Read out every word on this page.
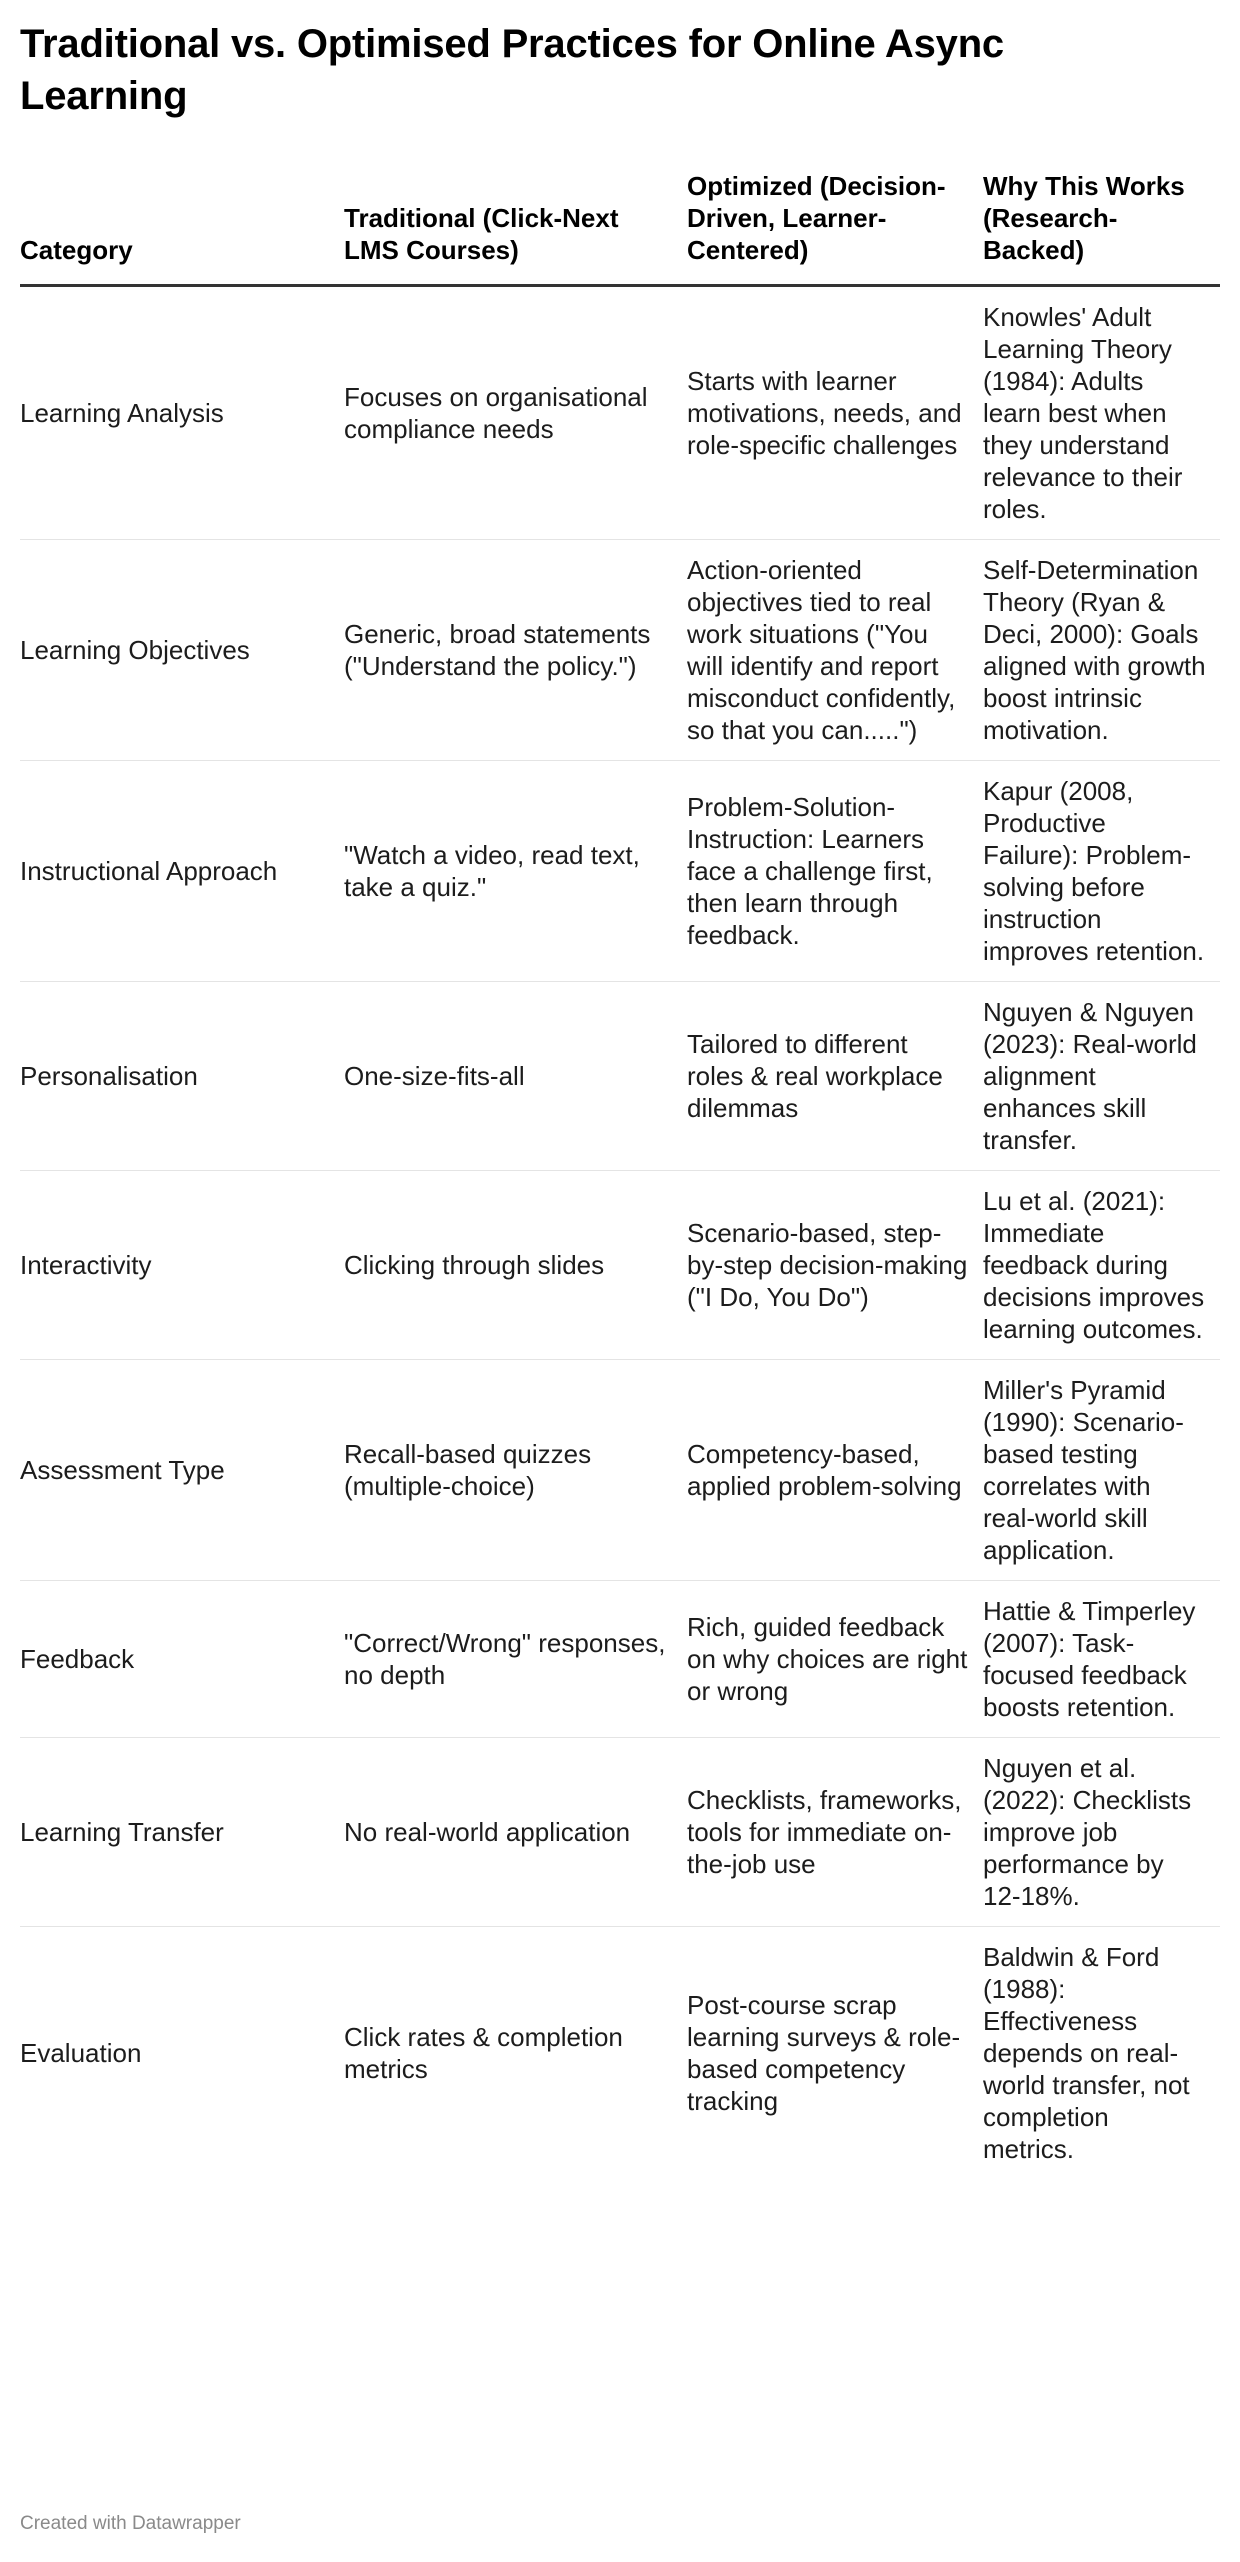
Traditional vs. Optimised Practices for Online Async Learning
Category	Traditional (Click-Next LMS Courses)	Optimized (Decision-Driven, Learner-Centered)	Why This Works (Research-Backed)
Learning Analysis	Focuses on organisational compliance needs	Starts with learner motivations, needs, and role-specific challenges	Knowles' Adult Learning Theory (1984): Adults learn best when they understand relevance to their roles.
Learning Objectives	Generic, broad statements ("Understand the policy.")	Action-oriented objectives tied to real work situations ("You will identify and report misconduct confidently, so that you can.....")	Self-Determination Theory (Ryan & Deci, 2000): Goals aligned with growth boost intrinsic motivation.
Instructional Approach	"Watch a video, read text, take a quiz."	Problem-Solution-Instruction: Learners face a challenge first, then learn through feedback.	Kapur (2008, Productive Failure): Problem-solving before instruction improves retention.
Personalisation	One-size-fits-all	Tailored to different roles & real workplace dilemmas	Nguyen & Nguyen (2023): Real-world alignment enhances skill transfer.
Interactivity	Clicking through slides	Scenario-based, step-by-step decision-making ("I Do, You Do")	Lu et al. (2021): Immediate feedback during decisions improves learning outcomes.
Assessment Type	Recall-based quizzes (multiple-choice)	Competency-based, applied problem-solving	Miller's Pyramid (1990): Scenario-based testing correlates with real-world skill application.
Feedback	"Correct/Wrong" responses, no depth	Rich, guided feedback on why choices are right or wrong	Hattie & Timperley (2007): Task-focused feedback boosts retention.
Learning Transfer	No real-world application	Checklists, frameworks, tools for immediate on-the-job use	Nguyen et al. (2022): Checklists improve job performance by 12-18%.
Evaluation	Click rates & completion metrics	Post-course scrap learning surveys & role-based competency tracking	Baldwin & Ford (1988): Effectiveness depends on real-world transfer, not completion metrics.
Created with Datawrapper
